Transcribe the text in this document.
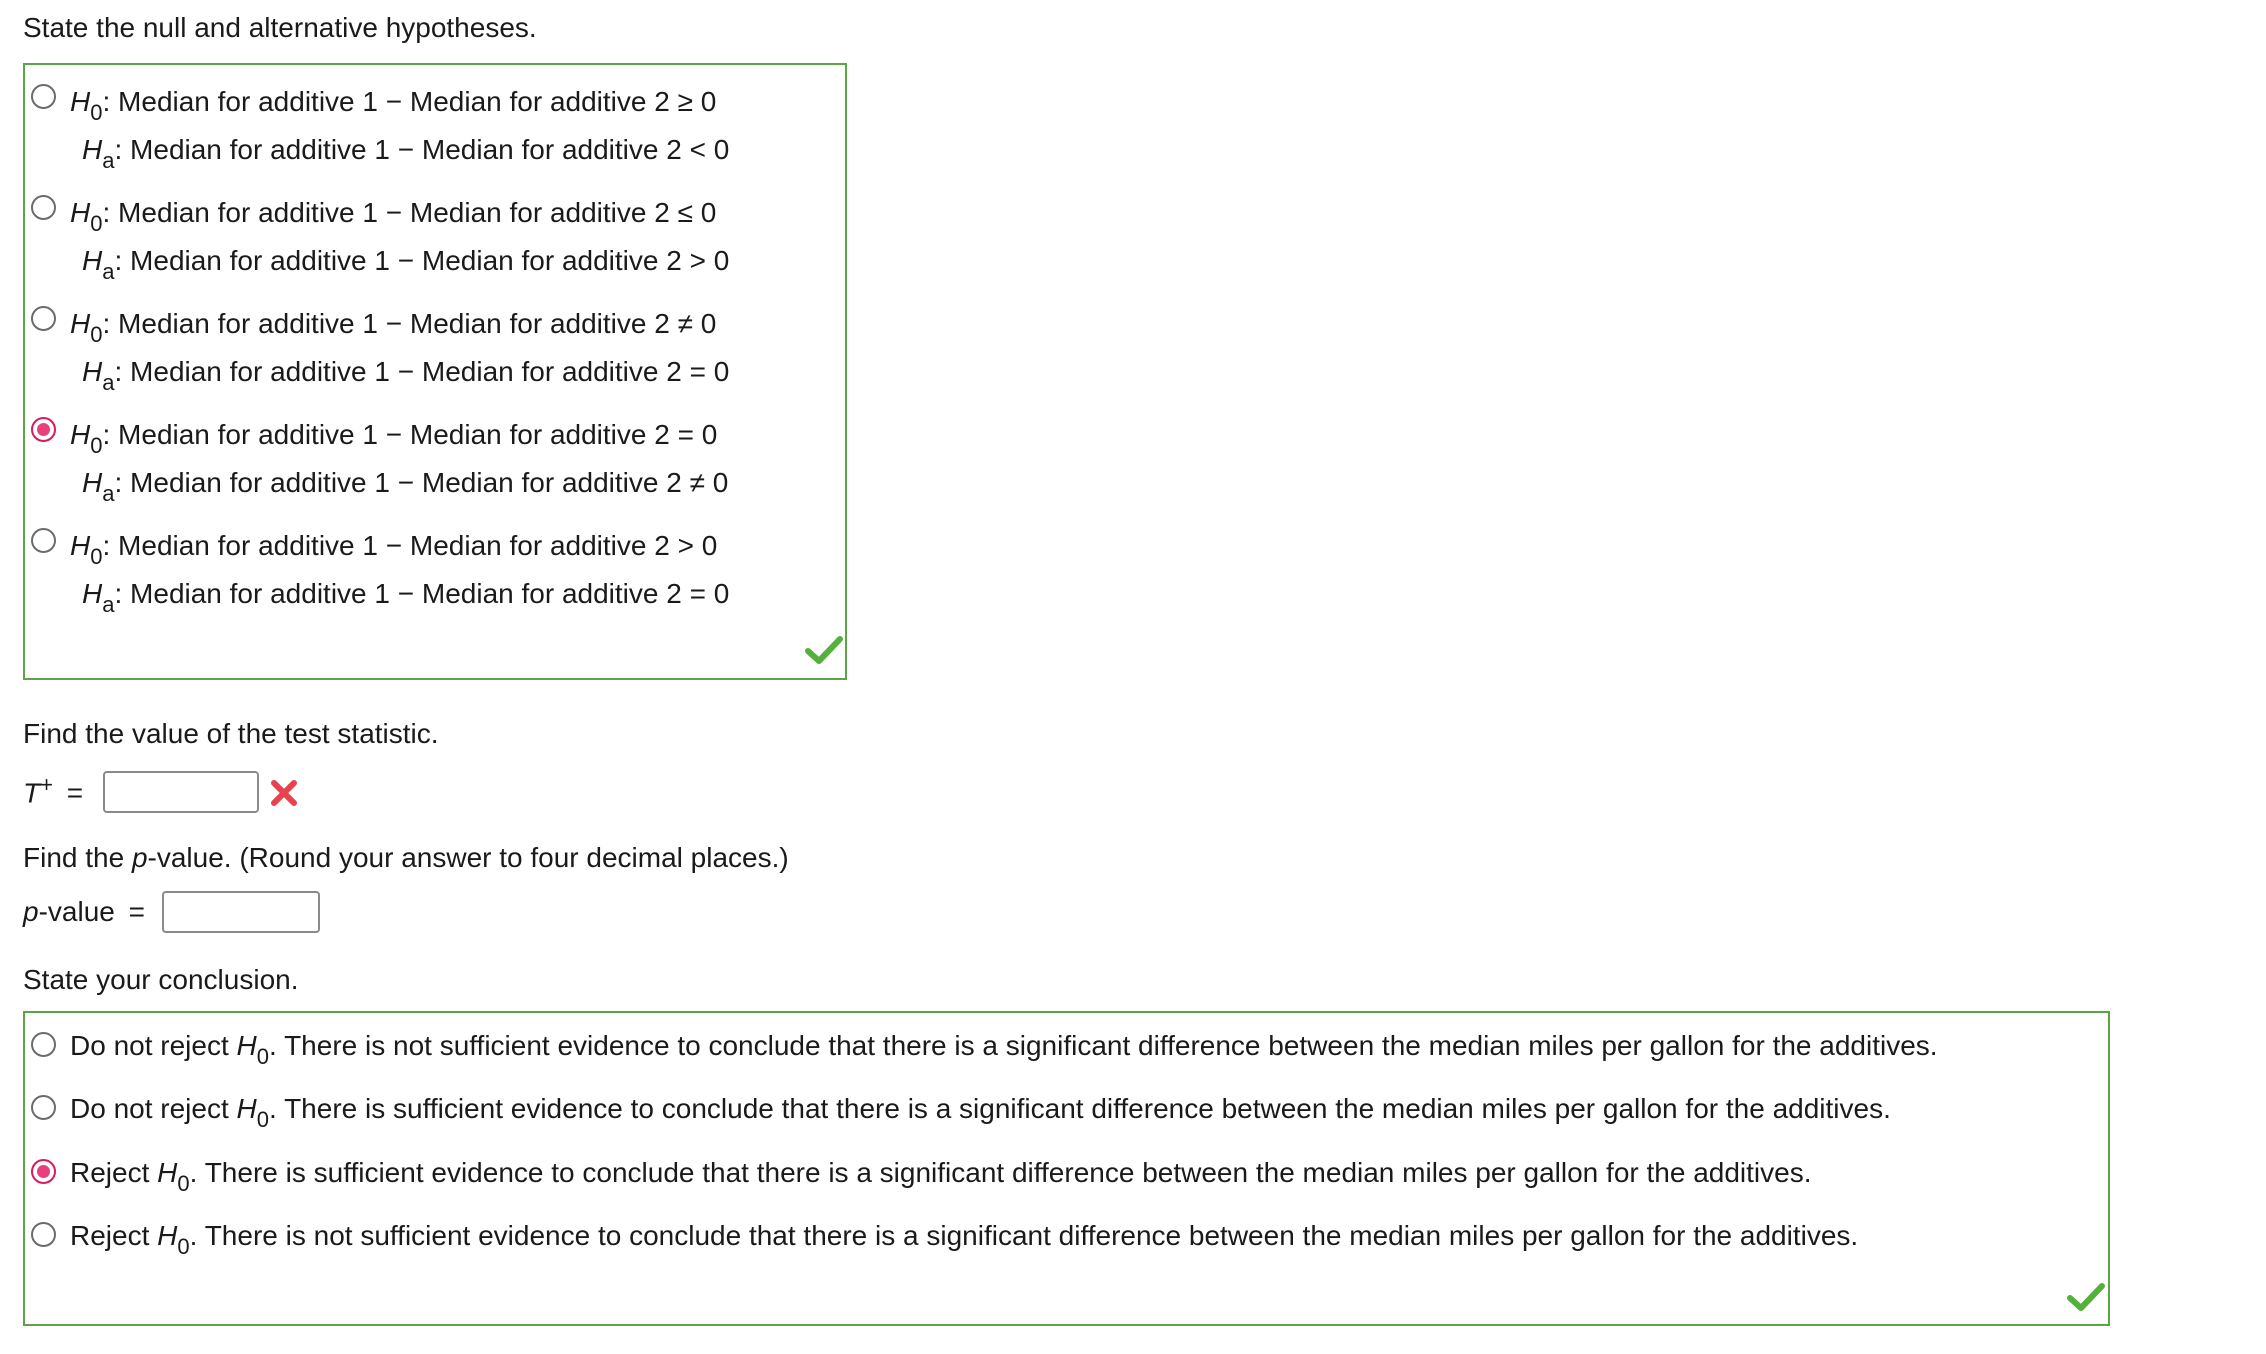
State the null and alternative hypotheses.
$H_0$: Median for additive 1 − Median for additive 2 ≥ 0
$H_a$: Median for additive 1 − Median for additive 2 < 0
$H_0$: Median for additive 1 − Median for additive 2 ≤ 0
$H_a$: Median for additive 1 − Median for additive 2 > 0
$H_0$: Median for additive 1 − Median for additive 2 ≠ 0
$H_a$: Median for additive 1 − Median for additive 2 = 0
$H_0$: Median for additive 1 − Median for additive 2 = 0
$H_a$: Median for additive 1 − Median for additive 2 ≠ 0
$H_0$: Median for additive 1 − Median for additive 2 > 0
$H_a$: Median for additive 1 − Median for additive 2 = 0
Find the value of the test statistic.
T+ =
Find the p-value. (Round your answer to four decimal places.)
p-value =
State your conclusion.
Do not reject $H_0$. There is not sufficient evidence to conclude that there is a significant difference between the median miles per gallon for the additives.
Do not reject $H_0$. There is sufficient evidence to conclude that there is a significant difference between the median miles per gallon for the additives.
Reject $H_0$. There is sufficient evidence to conclude that there is a significant difference between the median miles per gallon for the additives.
Reject $H_0$. There is not sufficient evidence to conclude that there is a significant difference between the median miles per gallon for the additives.
